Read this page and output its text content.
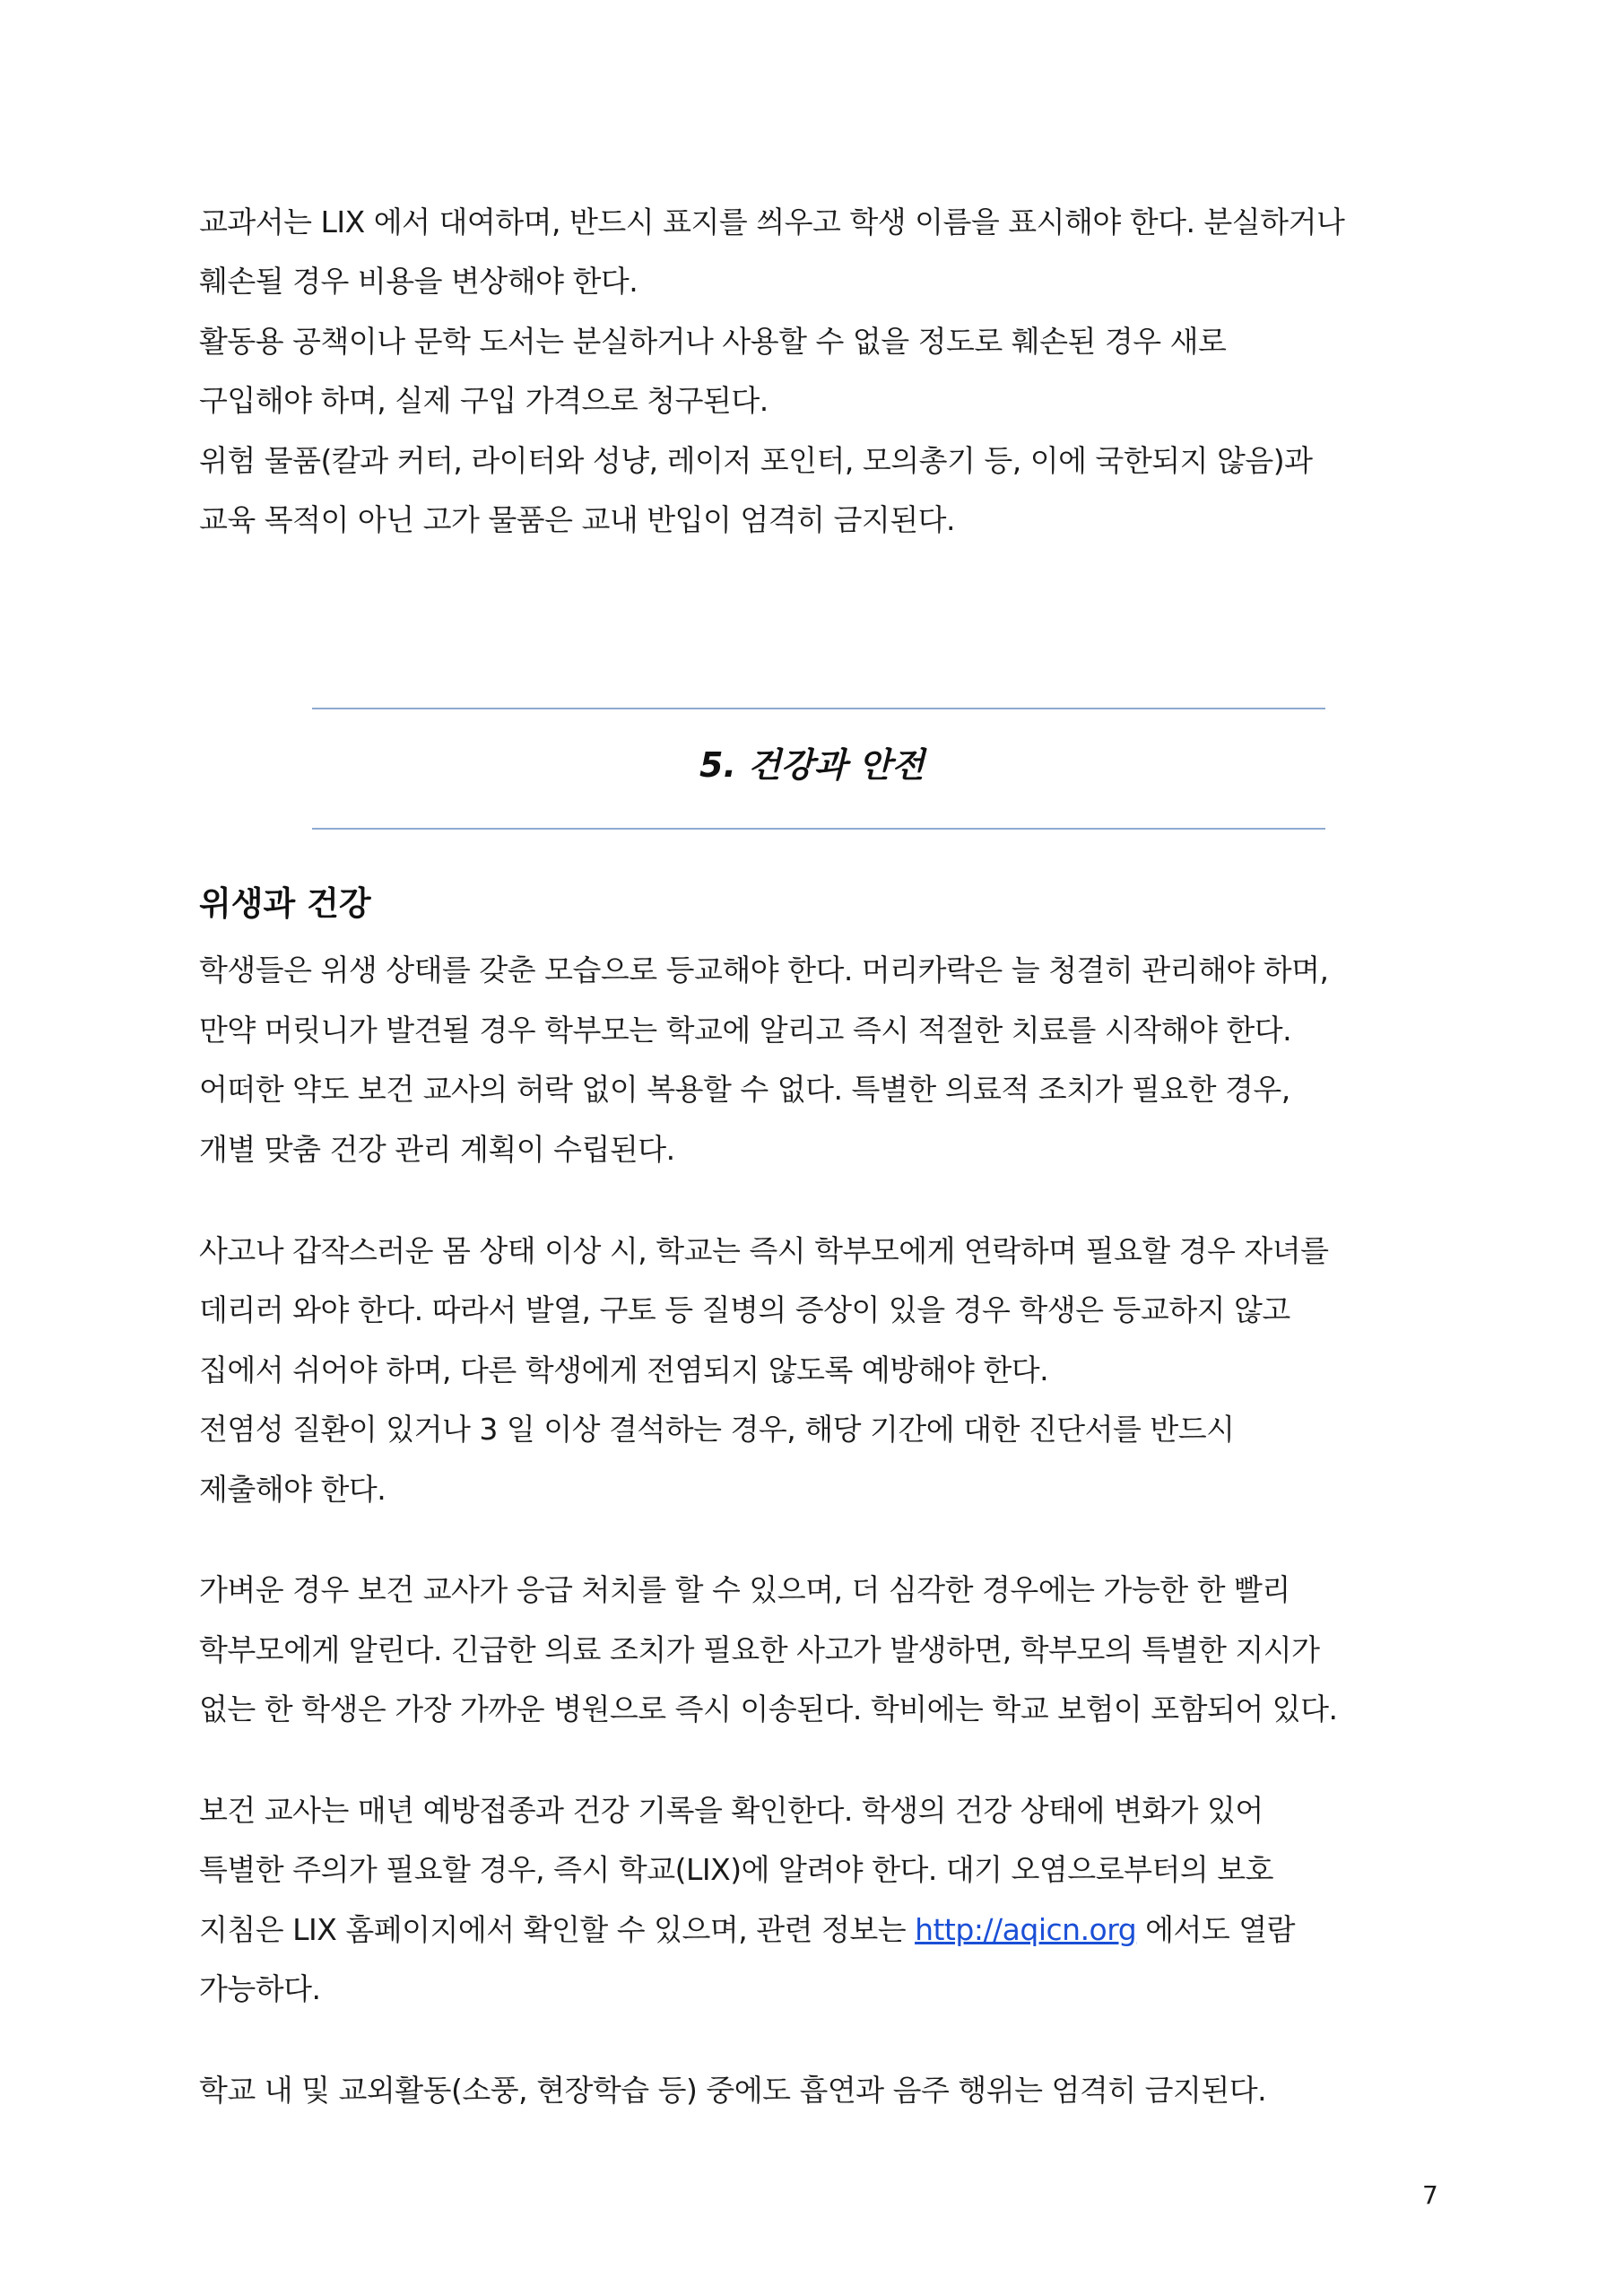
교과서는 LIX 에서 대여하며, 반드시 표지를 씌우고 학생 이름을 표시해야 한다. 분실하거나
훼손될 경우 비용을 변상해야 한다.
활동용 공책이나 문학 도서는 분실하거나 사용할 수 없을 정도로 훼손된 경우 새로
구입해야 하며, 실제 구입 가격으로 청구된다.
위험 물품(칼과 커터, 라이터와 성냥, 레이저 포인터, 모의총기 등, 이에 국한되지 않음)과
교육 목적이 아닌 고가 물품은 교내 반입이 엄격히 금지된다.
5. 건강과 안전
위생과 건강
학생들은 위생 상태를 갖춘 모습으로 등교해야 한다. 머리카락은 늘 청결히 관리해야 하며,
만약 머릿니가 발견될 경우 학부모는 학교에 알리고 즉시 적절한 치료를 시작해야 한다.
어떠한 약도 보건 교사의 허락 없이 복용할 수 없다. 특별한 의료적 조치가 필요한 경우,
개별 맞춤 건강 관리 계획이 수립된다.
사고나 갑작스러운 몸 상태 이상 시, 학교는 즉시 학부모에게 연락하며 필요할 경우 자녀를
데리러 와야 한다. 따라서 발열, 구토 등 질병의 증상이 있을 경우 학생은 등교하지 않고
집에서 쉬어야 하며, 다른 학생에게 전염되지 않도록 예방해야 한다.
전염성 질환이 있거나 3 일 이상 결석하는 경우, 해당 기간에 대한 진단서를 반드시
제출해야 한다.
가벼운 경우 보건 교사가 응급 처치를 할 수 있으며, 더 심각한 경우에는 가능한 한 빨리
학부모에게 알린다. 긴급한 의료 조치가 필요한 사고가 발생하면, 학부모의 특별한 지시가
없는 한 학생은 가장 가까운 병원으로 즉시 이송된다. 학비에는 학교 보험이 포함되어 있다.
보건 교사는 매년 예방접종과 건강 기록을 확인한다. 학생의 건강 상태에 변화가 있어
특별한 주의가 필요할 경우, 즉시 학교(LIX)에 알려야 한다. 대기 오염으로부터의 보호
지침은 LIX 홈페이지에서 확인할 수 있으며, 관련 정보는 http://aqicn.org 에서도 열람
가능하다.
학교 내 및 교외활동(소풍, 현장학습 등) 중에도 흡연과 음주 행위는 엄격히 금지된다.
7
